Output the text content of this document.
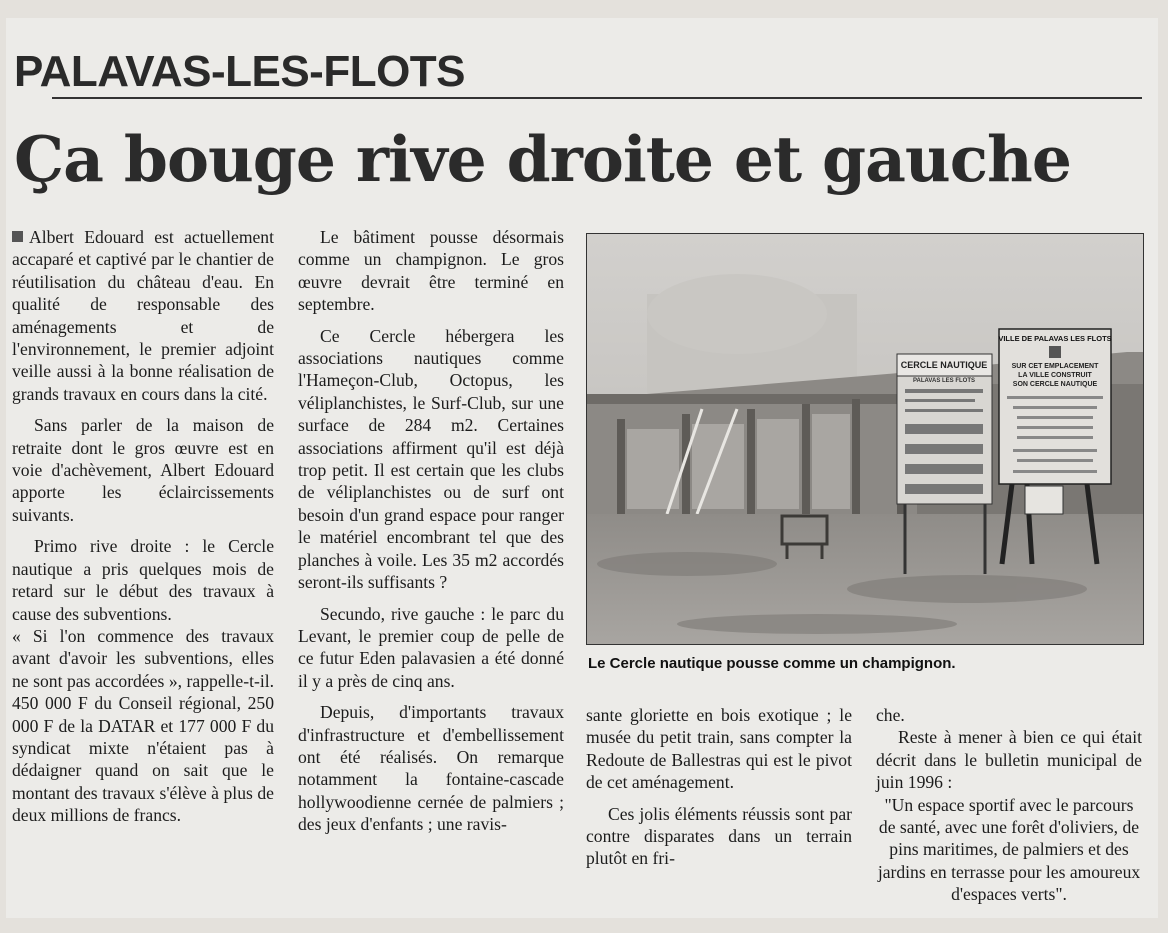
PALAVAS-LES-FLOTS
Ça bouge rive droite et gauche

Albert Edouard est actuellement accaparé et captivé par le chantier de réutilisation du château d'eau. En qualité de responsable des aménagements et de l'environnement, le premier adjoint veille aussi à la bonne réalisation de grands travaux en cours dans la cité.

Sans parler de la maison de retraite dont le gros œuvre est en voie d'achèvement, Albert Edouard apporte les éclaircissements suivants.

Primo rive droite : le Cercle nautique a pris quelques mois de retard sur le début des travaux à cause des subventions.

« Si l'on commence des travaux avant d'avoir les subventions, elles ne sont pas accordées », rappelle-t-il. 450 000 F du Conseil régional, 250 000 F de la DATAR et 177 000 F du syndicat mixte n'étaient pas à dédaigner quand on sait que le montant des travaux s'élève à plus de deux millions de francs.

Le bâtiment pousse désormais comme un champignon. Le gros œuvre devrait être terminé en septembre.

Ce Cercle hébergera les associations nautiques comme l'Hameçon-Club, Octopus, les véliplanchistes, le Surf-Club, sur une surface de 284 m2. Certaines associations affirment qu'il est déjà trop petit. Il est certain que les clubs de véliplanchistes ou de surf ont besoin d'un grand espace pour ranger le matériel encombrant tel que des planches à voile. Les 35 m2 accordés seront-ils suffisants ?

Secundo, rive gauche : le parc du Levant, le premier coup de pelle de ce futur Eden palavasien a été donné il y a près de cinq ans.

Depuis, d'importants travaux d'infrastructure et d'embellissement ont été réalisés. On remarque notamment la fontaine-cascade hollywoodienne cernée de palmiers ; des jeux d'enfants ; une ravis-

CERCLE NAUTIQUE
PALAVAS LES FLOTS
VILLE DE PALAVAS LES FLOTS
SUR CET EMPLACEMENT
LA VILLE CONSTRUIT
SON CERCLE NAUTIQUE
Le Cercle nautique pousse comme un champignon.

sante gloriette en bois exotique ; le musée du petit train, sans compter la Redoute de Ballestras qui est le pivot de cet aménagement.

Ces jolis éléments réussis sont par contre disparates dans un terrain plutôt en fri-

che.

Reste à mener à bien ce qui était décrit dans le bulletin municipal de juin 1996 :

"Un espace sportif avec le parcours de santé, avec une forêt d'oliviers, de pins maritimes, de palmiers et des jardins en terrasse pour les amoureux d'espaces verts".
